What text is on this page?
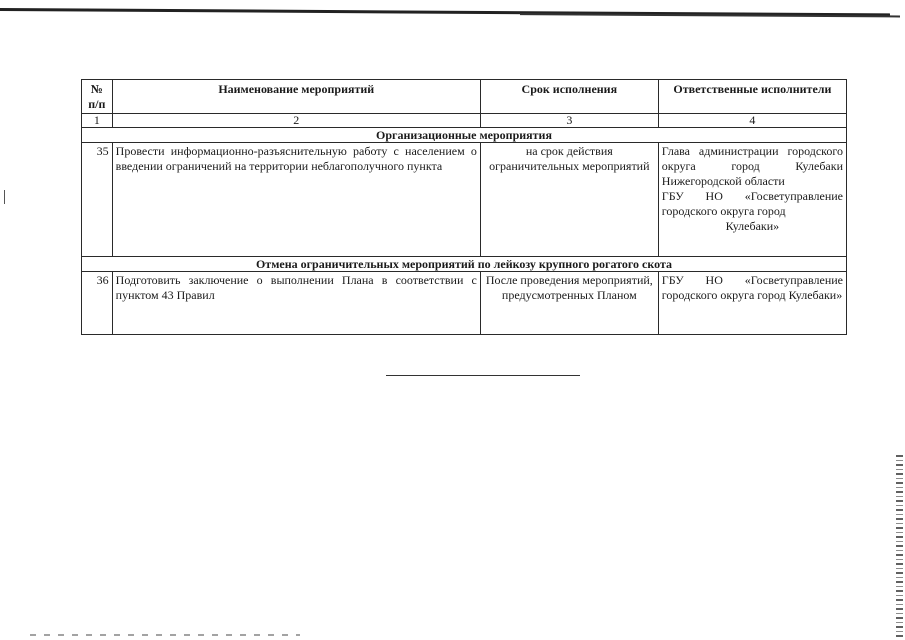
№ п/п	Наименование мероприятий	Срок исполнения	Ответственные исполнители
1	2	3	4
Организационные мероприятия			
35	Провести информационно-разъяснительную работу с населением о введении ограничений на территории неблагополучного пункта	на срок действия ограничительных мероприятий	Глава администрации городского округа город Кулебаки Нижегородской области
ГБУ НО «Госветуправление городского округа город
Кулебаки»

Отмена ограничительных мероприятий по лейкозу крупного рогатого скота			
36	Подготовить заключение о выполнении Плана в соответствии с пунктом 43 Правил	После проведения мероприятий, предусмотренных Планом	ГБУ НО «Госветуправление городского округа город Кулебаки»
